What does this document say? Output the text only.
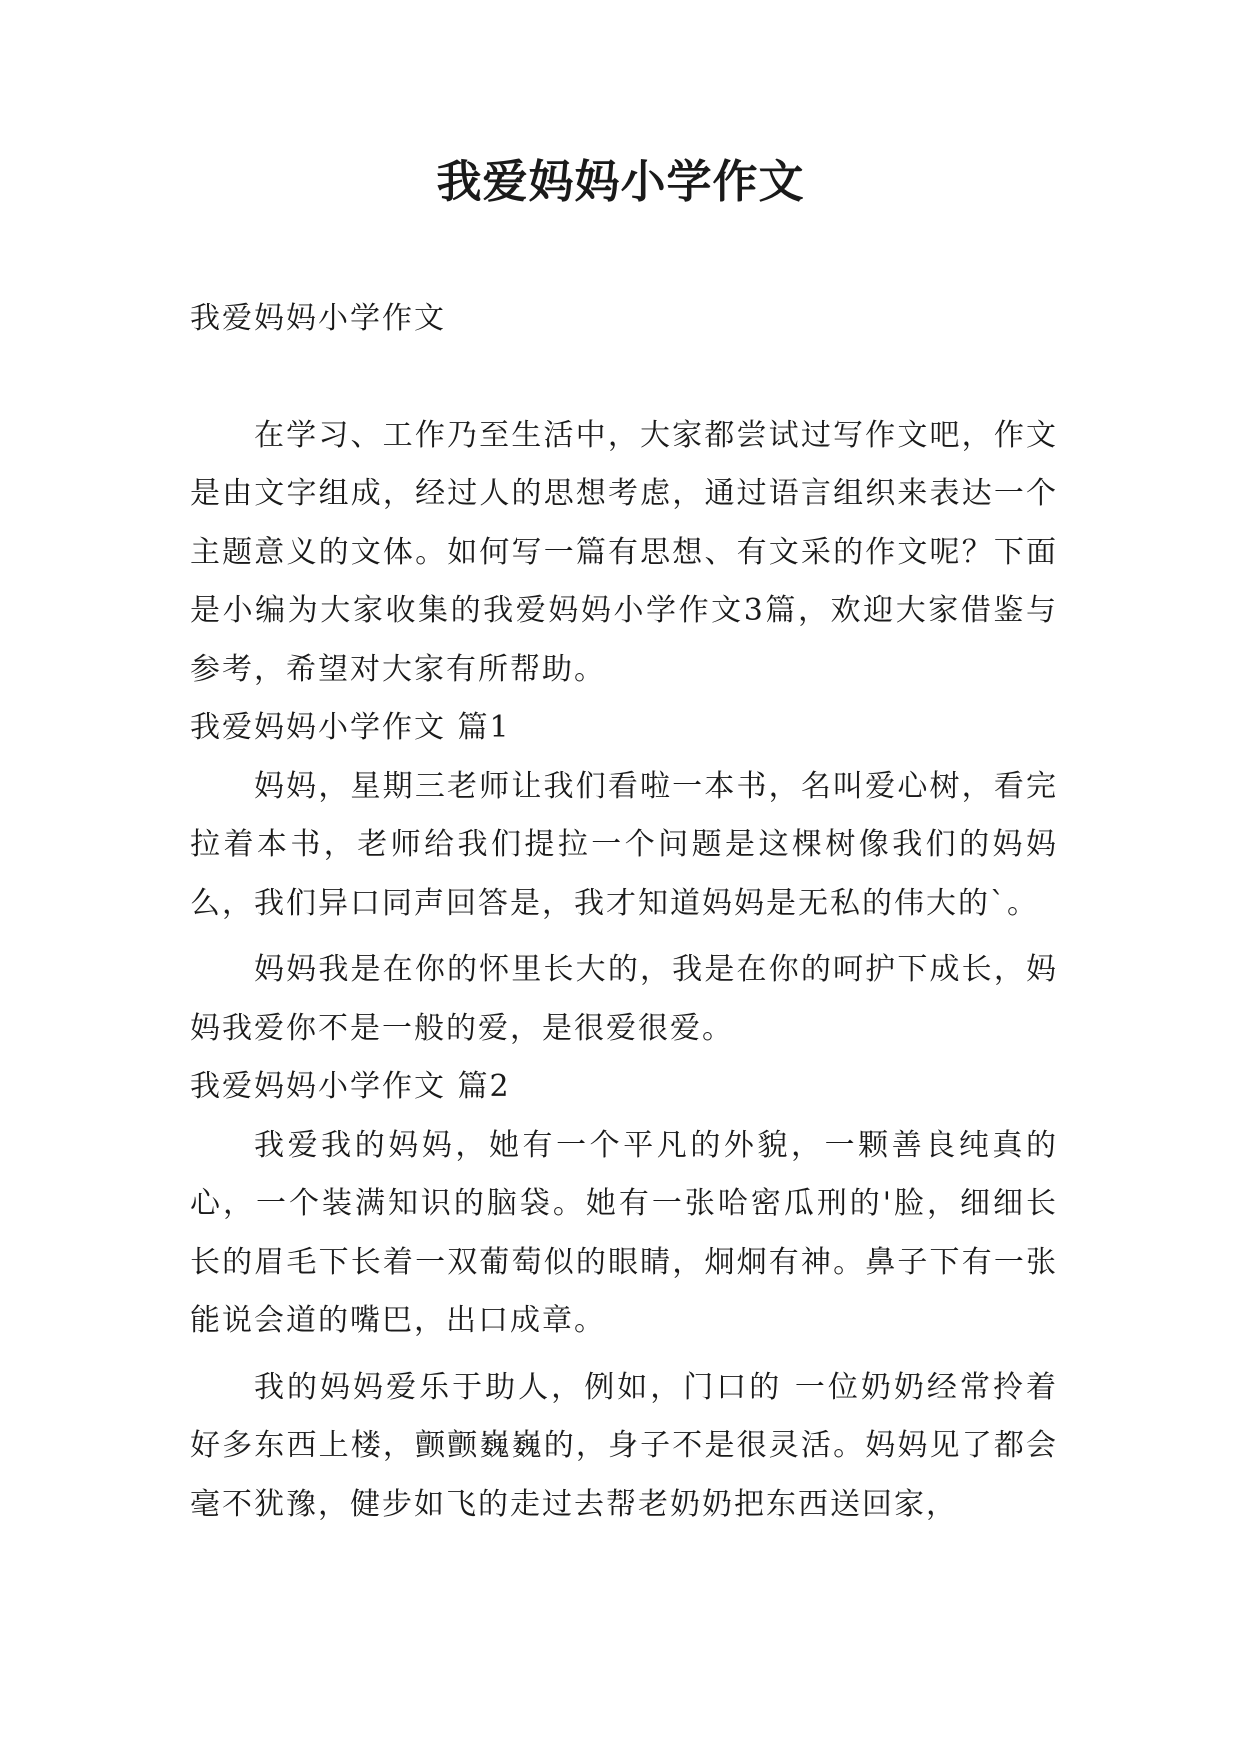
我爱妈妈小学作文

我爱妈妈小学作文

在学习、工作乃至生活中，大家都尝试过写作文吧，作文是由文字组成，经过人的思想考虑，通过语言组织来表达一个主题意义的文体。如何写一篇有思想、有文采的作文呢？下面是小编为大家收集的我爱妈妈小学作文3篇，欢迎大家借鉴与参考，希望对大家有所帮助。

我爱妈妈小学作文 篇1

妈妈，星期三老师让我们看啦一本书，名叫爱心树，看完拉着本书，老师给我们提拉一个问题是这棵树像我们的妈妈么，我们异口同声回答是，我才知道妈妈是无私的伟大的`。

妈妈我是在你的怀里长大的，我是在你的呵护下成长，妈妈我爱你不是一般的爱，是很爱很爱。

我爱妈妈小学作文 篇2

我爱我的妈妈，她有一个平凡的外貌，一颗善良纯真的心，一个装满知识的脑袋。她有一张哈密瓜刑的'脸，细细长长的眉毛下长着一双葡萄似的眼睛，炯炯有神。鼻子下有一张能说会道的嘴巴，出口成章。

我的妈妈爱乐于助人，例如，门口的 一位奶奶经常拎着好多东西上楼，颤颤巍巍的，身子不是很灵活。妈妈见了都会毫不犹豫，健步如飞的走过去帮老奶奶把东西送回家，
